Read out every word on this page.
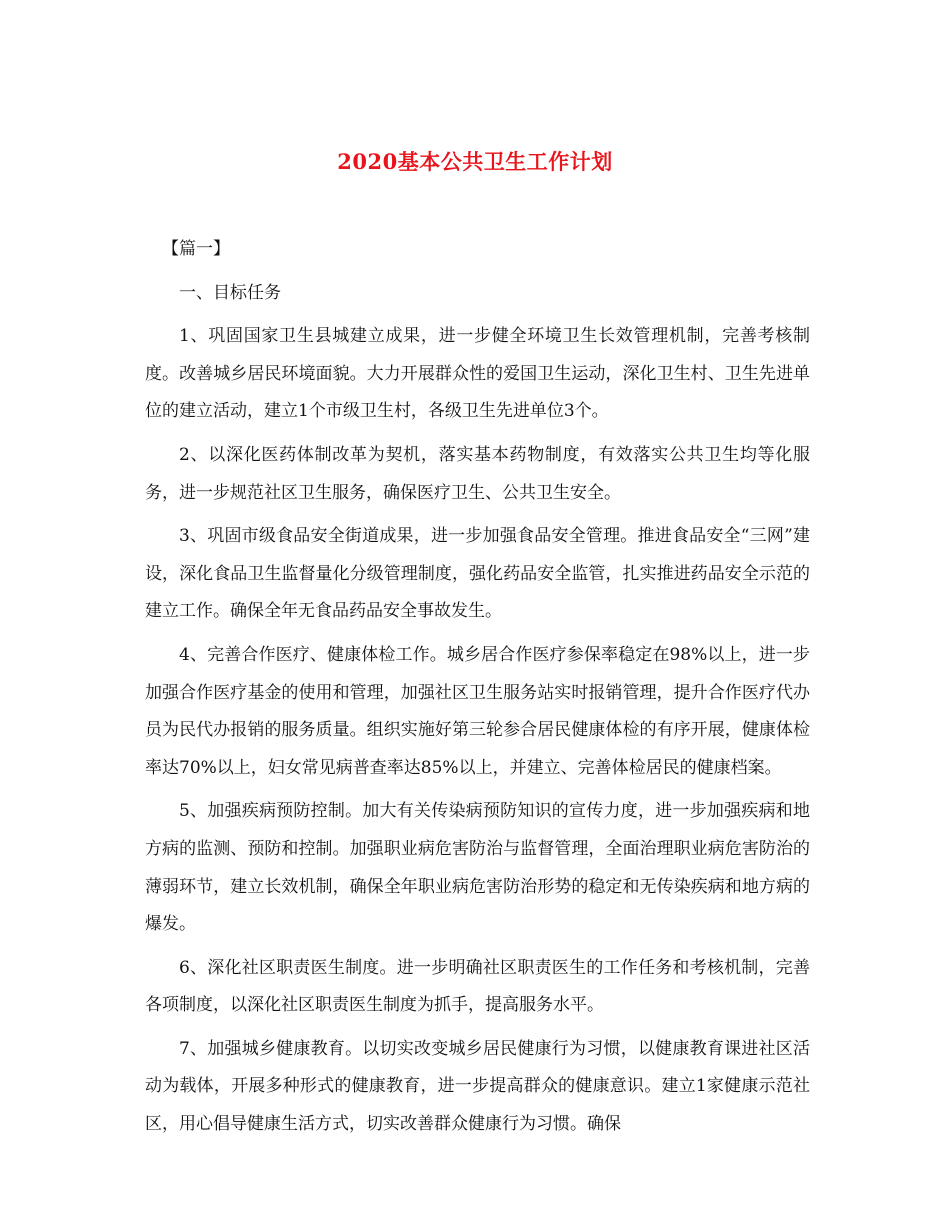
2020基本公共卫生工作计划

【篇一】

一、目标任务

1、巩固国家卫生县城建立成果，进一步健全环境卫生长效管理机制，完善考核制度。改善城乡居民环境面貌。大力开展群众性的爱国卫生运动，深化卫生村、卫生先进单位的建立活动，建立1个市级卫生村，各级卫生先进单位3个。

2、以深化医药体制改革为契机，落实基本药物制度，有效落实公共卫生均等化服务，进一步规范社区卫生服务，确保医疗卫生、公共卫生安全。

3、巩固市级食品安全街道成果，进一步加强食品安全管理。推进食品安全“三网”建设，深化食品卫生监督量化分级管理制度，强化药品安全监管，扎实推进药品安全示范的建立工作。确保全年无食品药品安全事故发生。

4、完善合作医疗、健康体检工作。城乡居合作医疗参保率稳定在98%以上，进一步加强合作医疗基金的使用和管理，加强社区卫生服务站实时报销管理，提升合作医疗代办员为民代办报销的服务质量。组织实施好第三轮参合居民健康体检的有序开展，健康体检率达70%以上，妇女常见病普查率达85%以上，并建立、完善体检居民的健康档案。

5、加强疾病预防控制。加大有关传染病预防知识的宣传力度，进一步加强疾病和地方病的监测、预防和控制。加强职业病危害防治与监督管理，全面治理职业病危害防治的薄弱环节，建立长效机制，确保全年职业病危害防治形势的稳定和无传染疾病和地方病的爆发。

6、深化社区职责医生制度。进一步明确社区职责医生的工作任务和考核机制，完善各项制度，以深化社区职责医生制度为抓手，提高服务水平。

7、加强城乡健康教育。以切实改变城乡居民健康行为习惯，以健康教育课进社区活动为载体，开展多种形式的健康教育，进一步提高群众的健康意识。建立1家健康示范社区，用心倡导健康生活方式，切实改善群众健康行为习惯。确保
